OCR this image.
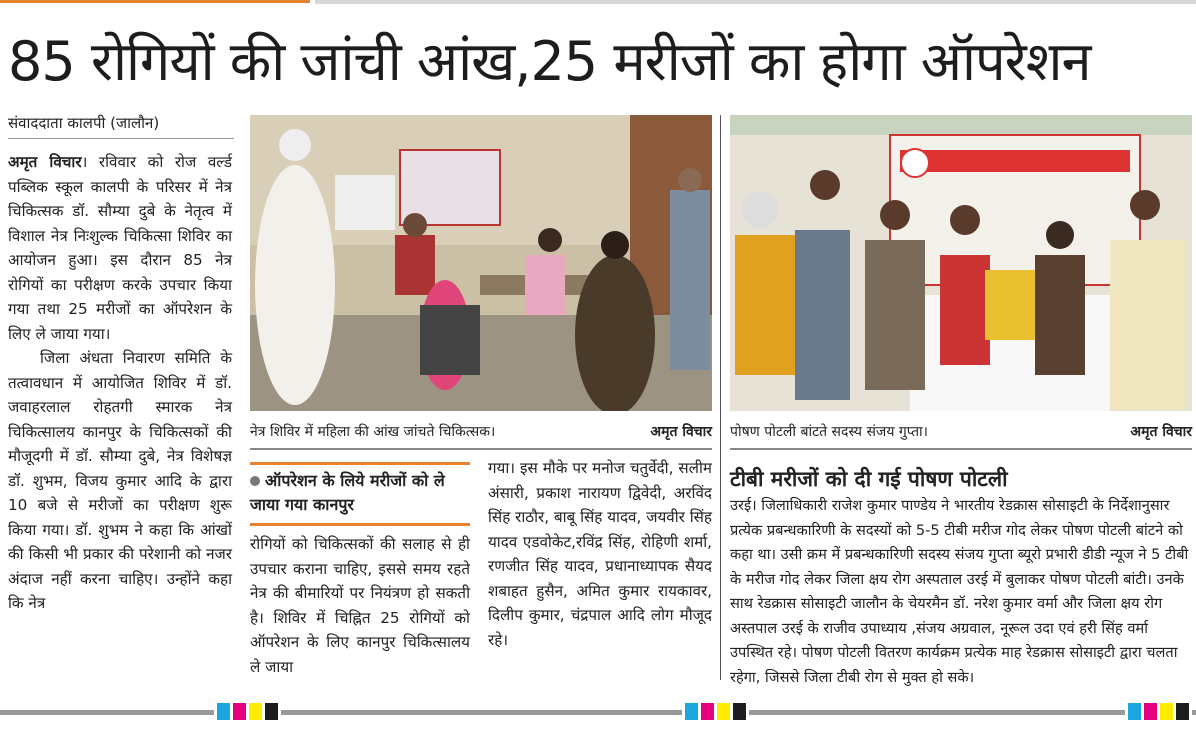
85 रोगियों की जांची आंख,25 मरीजों का होगा ऑपरेशन
संवाददाता कालपी (जालौन)

अमृत विचार। रविवार को रोज वर्ल्ड पब्लिक स्कूल कालपी के परिसर में नेत्र चिकित्सक डॉ. सौम्या दुबे के नेतृत्व में विशाल नेत्र निःशुल्क चिकित्सा शिविर का आयोजन हुआ। इस दौरान 85 नेत्र रोगियों का परीक्षण करके उपचार किया गया तथा 25 मरीजों का ऑपरेशन के लिए ले जाया गया।

जिला अंधता निवारण समिति के तत्वावधान में आयोजित शिविर में डॉ. जवाहरलाल रोहतगी स्मारक नेत्र चिकित्सालय कानपुर के चिकित्सकों की मौजूदगी में डॉ. सौम्या दुबे, नेत्र विशेषज्ञ डॉ. शुभम, विजय कुमार आदि के द्वारा 10 बजे से मरीजों का परीक्षण शुरू किया गया। डॉ. शुभम ने कहा कि आंखों की किसी भी प्रकार की परेशानी को नजर अंदाज नहीं करना चाहिए। उन्होंने कहा कि नेत्र

नेत्र शिविर में महिला की आंख जांचते चिकित्सक।	अमृत विचार
ऑपरेशन के लिये मरीजों को ले जाया गया कानपुर
रोगियों को चिकित्सकों की सलाह से ही उपचार कराना चाहिए, इससे समय रहते नेत्र की बीमारियों पर नियंत्रण हो सकती है। शिविर में चिह्नित 25 रोगियों को ऑपरेशन के लिए कानपुर चिकित्सालय ले जाया
गया। इस मौके पर मनोज चतुर्वेदी, सलीम अंसारी, प्रकाश नारायण द्विवेदी, अरविंद सिंह राठौर, बाबू सिंह यादव, जयवीर सिंह यादव एडवोकेट,रविंद्र सिंह, रोहिणी शर्मा, रणजीत सिंह यादव, प्रधानाध्यापक सैयद शबाहत हुसैन, अमित कुमार रायकावर, दिलीप कुमार, चंद्रपाल आदि लोग मौजूद रहे।
पोषण पोटली बांटते सदस्य संजय गुप्ता।	अमृत विचार
टीबी मरीजों को दी गई पोषण पोटली
उरई। जिलाधिकारी राजेश कुमार पाण्डेय ने भारतीय रेडक्रास सोसाइटी के निर्देशानुसार प्रत्येक प्रबन्धकारिणी के सदस्यों को 5-5 टीबी मरीज गोद लेकर पोषण पोटली बांटने को कहा था। उसी क्रम में प्रबन्धकारिणी सदस्य संजय गुप्ता ब्यूरो प्रभारी डीडी न्यूज ने 5 टीबी के मरीज गोद लेकर जिला क्षय रोग अस्पताल उरई में बुलाकर पोषण पोटली बांटी। उनके साथ रेडक्रास सोसाइटी जालौन के चेयरमैन डॉ. नरेश कुमार वर्मा और जिला क्षय रोग अस्तपाल उरई के राजीव उपाध्याय ,संजय अग्रवाल, नूरूल उदा एवं हरी सिंह वर्मा उपस्थित रहे। पोषण पोटली वितरण कार्यक्रम प्रत्येक माह रेडक्रास सोसाइटी द्वारा चलता रहेगा, जिससे जिला टीबी रोग से मुक्त हो सके।
